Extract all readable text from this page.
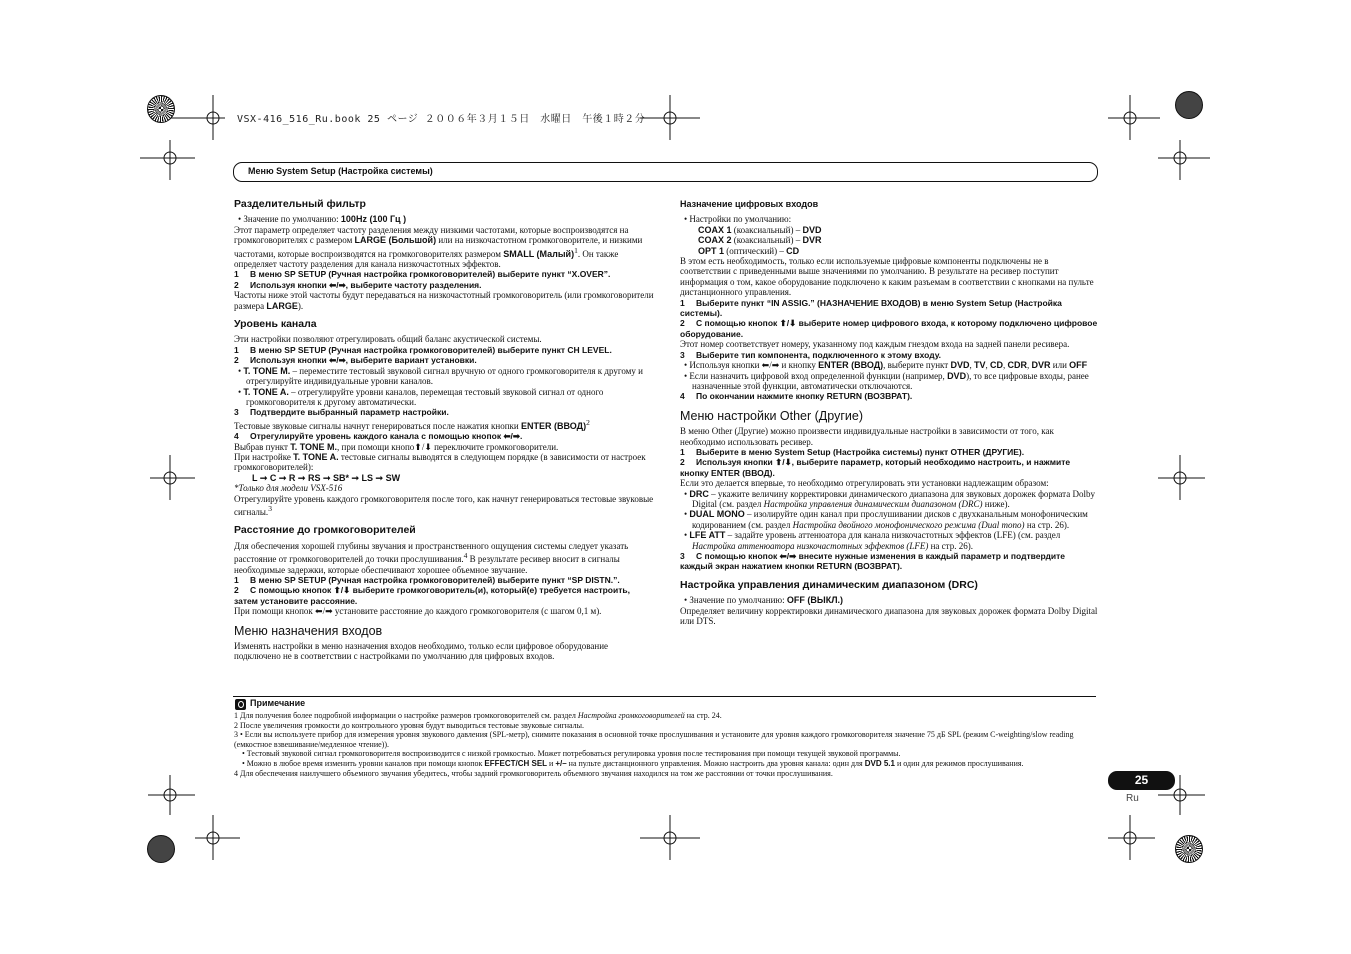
VSX-416_516_Ru.book 25 ページ ２００６年３月１５日　水曜日　午後１時２分
Меню System Setup (Настройка системы)

Разделительный фильтр

• Значение по умолчанию: 100Hz (100 Гц )

Этот параметр определяет частоту разделения между низкими частотами, которые воспроизводятся на громкоговорителях с размером LARGE (Большой) или на низкочастотном громкоговорителе, и низкими частотами, которые воспроизводятся на громкоговорителях размером SMALL (Малый)$^1$. Он также определяет частоту разделения для канала низкочастотных эффектов.

1 В меню SP SETUP (Ручная настройка громкоговорителей) выберите пункт “X.OVER”.

2 Используя кнопки ⬅/➡, выберите частоту разделения.

Частоты ниже этой частоты будут передаваться на низкочастотный громкоговоритель (или громкоговорители размера LARGE).

Уровень канала

Эти настройки позволяют отрегулировать общий баланс акустической системы.

1 В меню SP SETUP (Ручная настройка громкоговорителей) выберите пункт CH LEVEL.

2 Используя кнопки ⬅/➡, выберите вариант установки.

• T. TONE M. – переместите тестовый звуковой сигнал вручную от одного громкоговорителя к другому и отрегулируйте индивидуальные уровни каналов.

• T. TONE A. – отрегулируйте уровни каналов, перемещая тестовый звуковой сигнал от одного громкоговорителя к другому автоматически.

3 Подтвердите выбранный параметр настройки.

Тестовые звуковые сигналы начнут генерироваться после нажатия кнопки ENTER (ВВОД)$^2$

4 Отрегулируйте уровень каждого канала с помощью кнопок ⬅/➡.

Выбрав пункт T. TONE M., при помощи кнопо⬆/⬇ переключите громкоговорители.

При настройке T. TONE A. тестовые сигналы выводятся в следующем порядке (в зависимости от настроек громкоговорителей):

L ➞ C ➞ R ➞ RS ➞ SB* ➞ LS ➞ SW

*Только для модели VSX-516

Отрегулируйте уровень каждого громкоговорителя после того, как начнут генерироваться тестовые звуковые сигналы.$^3$

Расстояние до громкоговорителей

Для обеспечения хорошей глубины звучания и пространственного ощущения системы следует указать расстояние от громкоговорителей до точки прослушивания.$^4$ В результате ресивер вносит в сигналы необходимые задержки, которые обеспечивают хорошее объемное звучание.

1 В меню SP SETUP (Ручная настройка громкоговорителей) выберите пункт “SP DISTN.”.

2 С помощью кнопок ⬆/⬇ выберите громкоговоритель(и), который(е) требуется настроить, затем установите рассояние.

При помощи кнопок ⬅/➡ установите расстояние до каждого громкоговорителя (с шагом 0,1 м).

Меню назначения входов

Изменять настройки в меню назначения входов необходимо, только если цифровое оборудование подключено не в соответствии с настройками по умолчанию для цифровых входов.

Назначение цифровых входов

• Настройки по умолчанию:

COAX 1 (коаксиальный) – DVD

COAX 2 (коаксиальный) – DVR

OPT 1 (оптический) – CD

В этом есть необходимость, только если используемые цифровые компоненты подключены не в соответствии с приведенными выше значениями по умолчанию. В результате на ресивер поступит информация о том, какое оборудование подключено к каким разъемам в соответствии с кнопками на пульте дистанционного управления.

1 Выберите пункт “IN ASSIG.” (НАЗНАЧЕНИЕ ВХОДОВ) в меню System Setup (Настройка системы).

2 С помощью кнопок ⬆/⬇ выберите номер цифрового входа, к которому подключено цифровое оборудование.

Этот номер соответствует номеру, указанному под каждым гнездом входа на задней панели ресивера.

3 Выберите тип компонента, подключенного к этому входу.

• Используя кнопки ⬅/➡ и кнопку ENTER (ВВОД), выберите пункт DVD, TV, CD, CDR, DVR или OFF

• Если назначить цифровой вход определенной функции (например, DVD), то все цифровые входы, ранее назначенные этой функции, автоматически отключаются.

4 По окончании нажмите кнопку RETURN (ВОЗВРАТ).

Меню настройки Other (Другие)

В меню Other (Другие) можно произвести индивидуальные настройки в зависимости от того, как необходимо использовать ресивер.

1 Выберите в меню System Setup (Настройка системы) пункт OTHER (ДРУГИЕ).

2 Используя кнопки ⬆/⬇, выберите параметр, который необходимо настроить, и нажмите кнопку ENTER (ВВОД).

Если это делается впервые, то необходимо отрегулировать эти установки надлежащим образом:

• DRC – укажите величину корректировки динамического диапазона для звуковых дорожек формата Dolby Digital (см. раздел Настройка управления динамическим диапазоном (DRC) ниже).

• DUAL MONO – изолируйте один канал при прослушивании дисков с двухканальным монофоническим кодированием (см. раздел Настройка двойного монофонического режима (Dual mono) на стр. 26).

• LFE ATT – задайте уровень аттенюатора для канала низкочастотных эффектов (LFE) (см. раздел Настройка аттенюатора низкочастотных эффектов (LFE) на стр. 26).

3 С помощью кнопок ⬅/➡ внесите нужные изменения в каждый параметр и подтвердите каждый экран нажатием кнопки RETURN (ВОЗВРАТ).

Настройка управления динамическим диапазоном (DRC)

• Значение по умолчанию: OFF (ВЫКЛ.)

Определяет величину корректировки динамического диапазона для звуковых дорожек формата Dolby Digital или DTS.

Примечание

1 Для получения более подробной информации о настройке размеров громкоговорителей см. раздел Настройка громкоговорителей на стр. 24.

2 После увеличения громкости до контрольного уровня будут выводиться тестовые звуковые сигналы.

3 • Если вы используете прибор для измерения уровня звукового давления (SPL-метр), снимите показания в основной точке прослушивания и установите для уровня каждого громкоговорителя значение 75 дБ SPL (режим C-weighting/slow reading (емкостное взвешивание/медленное чтение)).

• Тестовый звуковой сигнал громкоговорителя воспроизводится с низкой громкостью. Может потребоваться регулировка уровня после тестирования при помощи текущей звуковой программы.

• Можно в любое время изменить уровни каналов при помощи кнопок EFFECT/CH SEL и +/– на пульте дистанционного управления. Можно настроить два уровня канала: один для DVD 5.1 и один для режимов прослушивания.

4 Для обеспечения наилучшего объемного звучания убедитесь, чтобы задний громкоговоритель объемного звучания находился на том же расстоянии от точки прослушивания.	25
Ru
